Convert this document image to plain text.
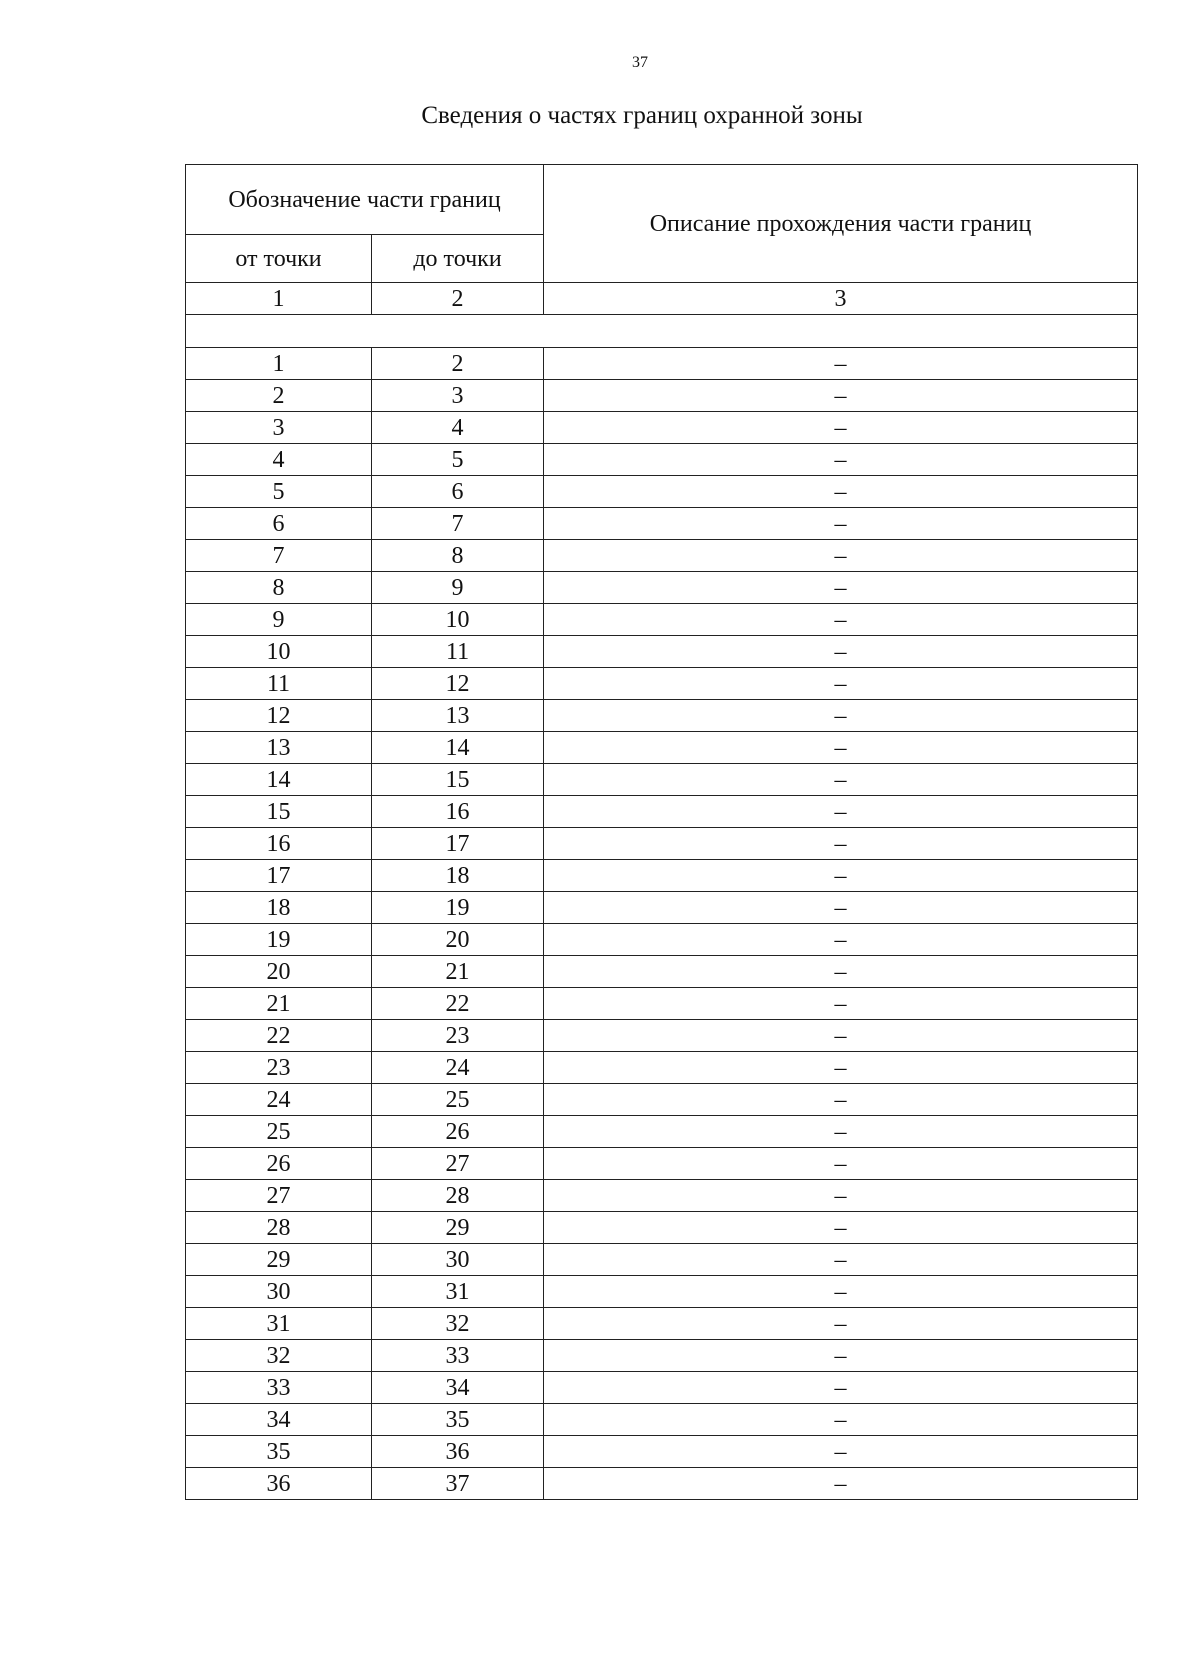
37
Сведения о частях границ охранной зоны
Обозначение части границ		Описание прохождения части границ
от точки	до точки	
1	2	3

1	2	–
2	3	–
3	4	–
4	5	–
5	6	–
6	7	–
7	8	–
8	9	–
9	10	–
10	11	–
11	12	–
12	13	–
13	14	–
14	15	–
15	16	–
16	17	–
17	18	–
18	19	–
19	20	–
20	21	–
21	22	–
22	23	–
23	24	–
24	25	–
25	26	–
26	27	–
27	28	–
28	29	–
29	30	–
30	31	–
31	32	–
32	33	–
33	34	–
34	35	–
35	36	–
36	37	–
